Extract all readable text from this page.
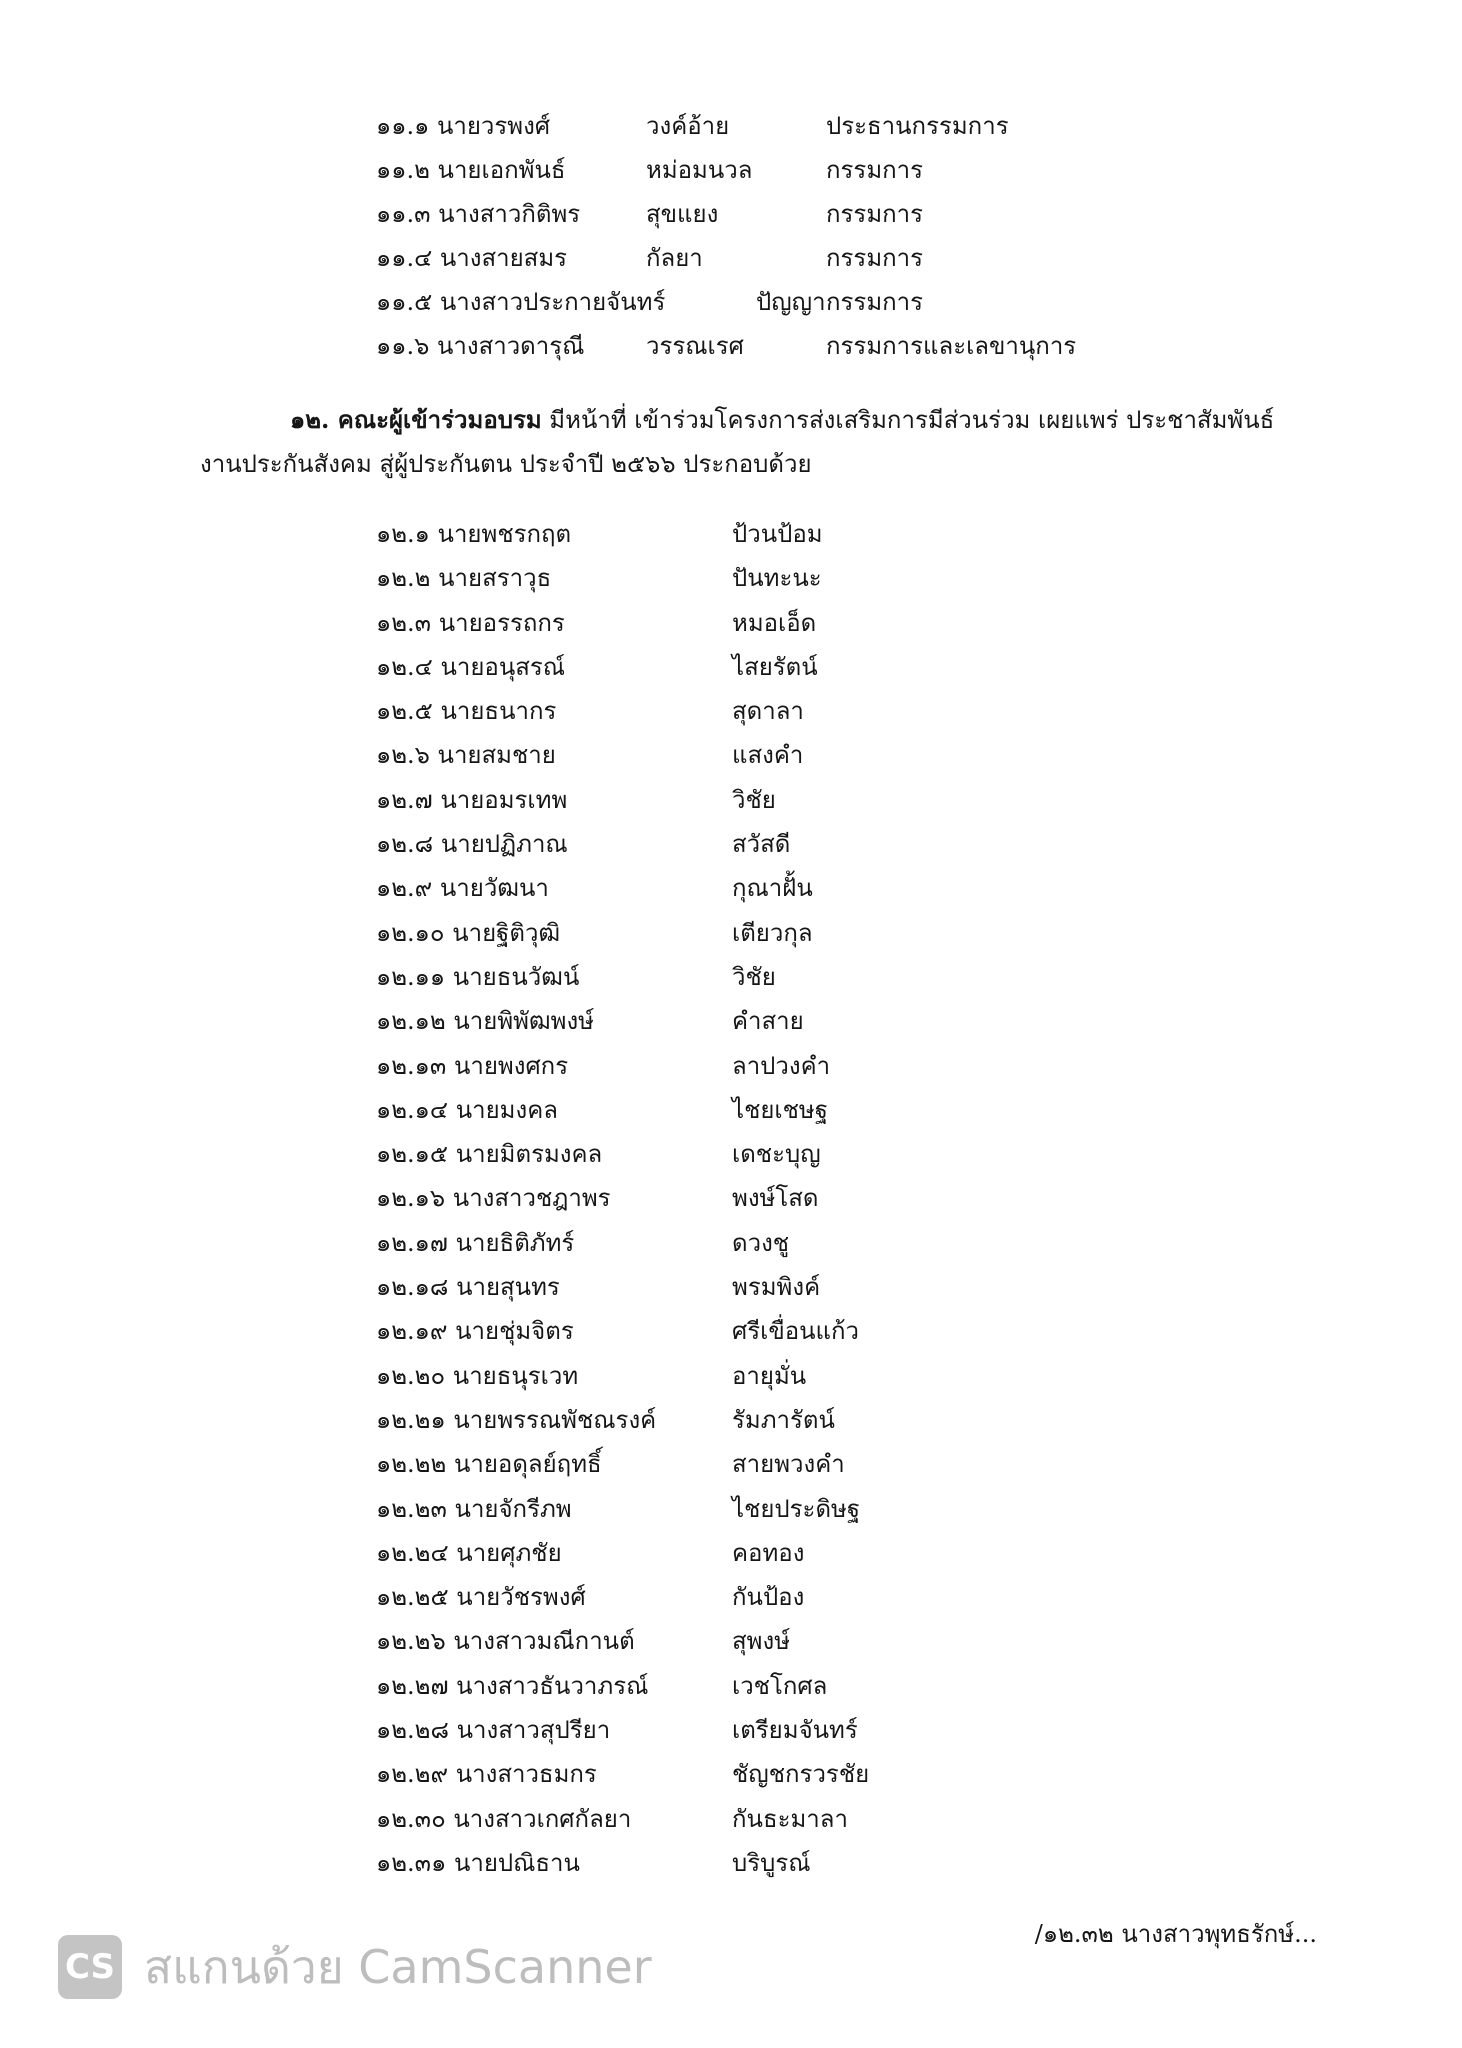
๑๑.๑ นายวรพงศ์	วงค์อ้าย	ประธานกรรมการ
๑๑.๒ นายเอกพันธ์	หม่อมนวล	กรรมการ
๑๑.๓ นางสาวกิติพร	สุขแยง	กรรมการ
๑๑.๔ นางสายสมร	กัลยา	กรรมการ
๑๑.๕ นางสาวประกายจันทร์	ปัญญา กรรมการ
๑๑.๖ นางสาวดารุณี	วรรณเรศ	กรรมการและเลขานุการ
๑๒. คณะผู้เข้าร่วมอบรม มีหน้าที่ เข้าร่วมโครงการส่งเสริมการมีส่วนร่วม เผยแพร่ ประชาสัมพันธ์
งานประกันสังคม สู่ผู้ประกันตน ประจำปี ๒๕๖๖ ประกอบด้วย
๑๒.๑ นายพชรกฤต	ป้วนป้อม
๑๒.๒ นายสราวุธ	ปันทะนะ
๑๒.๓ นายอรรถกร	หมอเอ็ด
๑๒.๔ นายอนุสรณ์	ไสยรัตน์
๑๒.๕ นายธนากร	สุดาลา
๑๒.๖ นายสมชาย	แสงคำ
๑๒.๗ นายอมรเทพ	วิชัย
๑๒.๘ นายปฏิภาณ	สวัสดี
๑๒.๙ นายวัฒนา	กุณาฝั้น
๑๒.๑๐ นายฐิติวุฒิ	เตียวกุล
๑๒.๑๑ นายธนวัฒน์	วิชัย
๑๒.๑๒ นายพิพัฒพงษ์	คำสาย
๑๒.๑๓ นายพงศกร	ลาปวงคำ
๑๒.๑๔ นายมงคล	ไชยเชษฐ
๑๒.๑๕ นายมิตรมงคล	เดชะบุญ
๑๒.๑๖ นางสาวชฎาพร	พงษ์โสด
๑๒.๑๗ นายธิติภัทร์	ดวงชู
๑๒.๑๘ นายสุนทร	พรมพิงค์
๑๒.๑๙ นายชุ่มจิตร	ศรีเขื่อนแก้ว
๑๒.๒๐ นายธนุรเวท	อายุมั่น
๑๒.๒๑ นายพรรณพัชณรงค์	รัมภารัตน์
๑๒.๒๒ นายอดุลย์ฤทธิ์	สายพวงคำ
๑๒.๒๓ นายจักรีภพ	ไชยประดิษฐ
๑๒.๒๔ นายศุภชัย	คอทอง
๑๒.๒๕ นายวัชรพงศ์	กันป้อง
๑๒.๒๖ นางสาวมณีกานต์	สุพงษ์
๑๒.๒๗ นางสาวธันวาภรณ์	เวชโกศล
๑๒.๒๘ นางสาวสุปรียา	เตรียมจันทร์
๑๒.๒๙ นางสาวธมกร	ชัญชกรวรชัย
๑๒.๓๐ นางสาวเกศกัลยา	กันธะมาลา
๑๒.๓๑ นายปณิธาน	บริบูรณ์
/๑๒.๓๒ นางสาวพุทธรักษ์...
CS สแกนด้วย CamScanner
